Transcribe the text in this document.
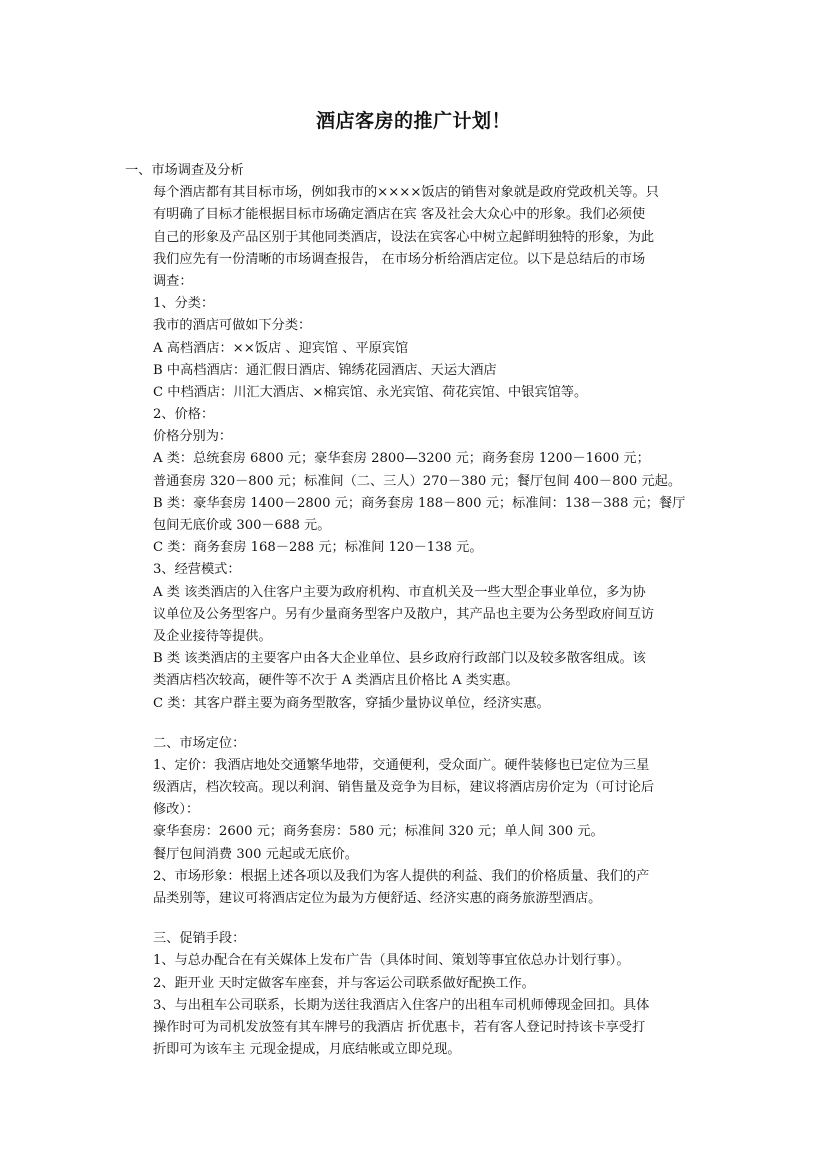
酒店客房的推广计划！
一、市场调查及分析
每个酒店都有其目标市场，例如我市的××××饭店的销售对象就是政府党政机关等。只
有明确了目标才能根据目标市场确定酒店在宾 客及社会大众心中的形象。我们必须使
自己的形象及产品区别于其他同类酒店，设法在宾客心中树立起鲜明独特的形象，为此
我们应先有一份清晰的市场调查报告， 在市场分析给酒店定位。以下是总结后的市场
调查：
1、分类：
我市的酒店可做如下分类：
A 高档酒店：××饭店 、迎宾馆 、平原宾馆
B 中高档酒店：通汇假日酒店、锦绣花园酒店、天运大酒店
C 中档酒店：川汇大酒店、×棉宾馆、永光宾馆、荷花宾馆、中银宾馆等。
2、价格：
价格分别为：
A 类：总统套房 6800 元；豪华套房 2800—3200 元；商务套房 1200－1600 元；
普通套房 320－800 元；标准间（二、三人）270－380 元；餐厅包间 400－800 元起。
B 类：豪华套房 1400－2800 元；商务套房 188－800 元；标准间：138－388 元；餐厅
包间无底价或 300－688 元。
C 类：商务套房 168－288 元；标准间 120－138 元。
3、经营模式：
A 类 该类酒店的入住客户主要为政府机构、市直机关及一些大型企事业单位，多为协
议单位及公务型客户。另有少量商务型客户及散户，其产品也主要为公务型政府间互访
及企业接待等提供。
B 类 该类酒店的主要客户由各大企业单位、县乡政府行政部门以及较多散客组成。该
类酒店档次较高，硬件等不次于 A 类酒店且价格比 A 类实惠。
C 类：其客户群主要为商务型散客，穿插少量协议单位，经济实惠。
二、市场定位：
1、定价：我酒店地处交通繁华地带，交通便利，受众面广。硬件装修也已定位为三星
级酒店，档次较高。现以利润、销售量及竞争为目标，建议将酒店房价定为（可讨论后
修改）：
豪华套房：2600 元；商务套房：580 元；标准间 320 元；单人间 300 元。
餐厅包间消费 300 元起或无底价。
2、市场形象：根据上述各项以及我们为客人提供的利益、我们的价格质量、我们的产
品类别等，建议可将酒店定位为最为方便舒适、经济实惠的商务旅游型酒店。
三、促销手段：
1、与总办配合在有关媒体上发布广告（具体时间、策划等事宜依总办计划行事）。
2、距开业 天时定做客车座套，并与客运公司联系做好配换工作。
3、与出租车公司联系，长期为送往我酒店入住客户的出租车司机师傅现金回扣。具体
操作时可为司机发放签有其车牌号的我酒店 折优惠卡，若有客人登记时持该卡享受打
折即可为该车主 元现金提成，月底结帐或立即兑现。
